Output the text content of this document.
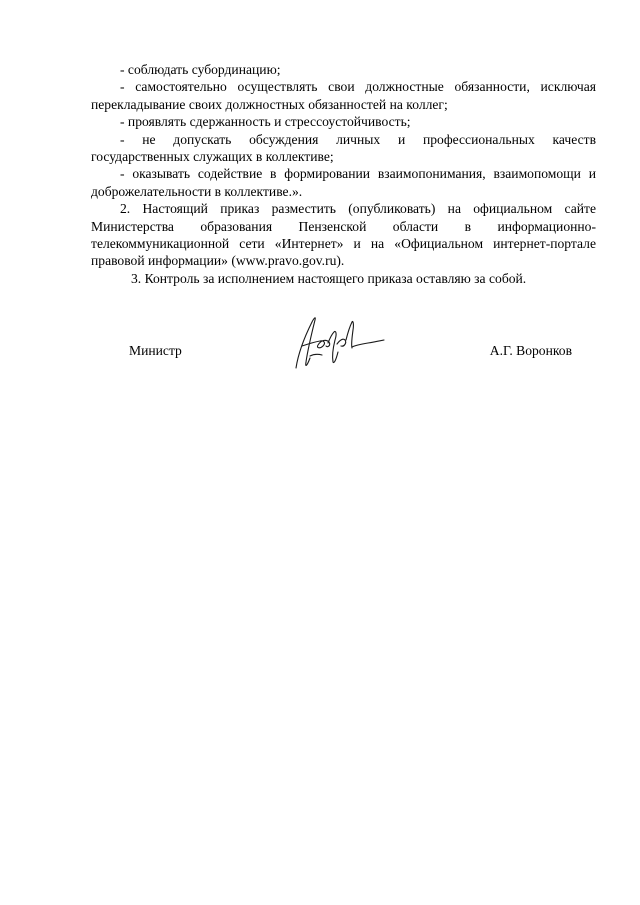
- соблюдать субординацию;

- самостоятельно осуществлять свои должностные обязанности, исключая перекладывание своих должностных обязанностей на коллег;

- проявлять сдержанность и стрессоустойчивость;

- не допускать обсуждения личных и профессиональных качеств государственных служащих в коллективе;

- оказывать содействие в формировании взаимопонимания, взаимопомощи и доброжелательности в коллективе.».

2. Настоящий приказ разместить (опубликовать) на официальном сайте Министерства образования Пензенской области в информационно-телекоммуникационной сети «Интернет» и на «Официальном интернет-портале правовой информации» (www.pravo.gov.ru).

3. Контроль за исполнением настоящего приказа оставляю за собой.

Министр	А.Г. Воронков
